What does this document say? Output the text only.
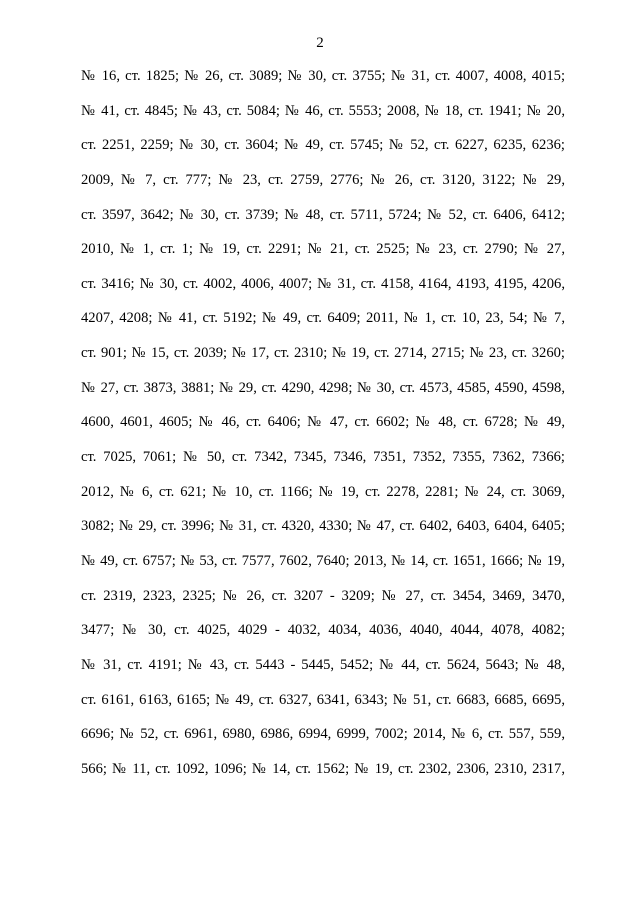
2
№ 16, ст. 1825; № 26, ст. 3089; № 30, ст. 3755; № 31, ст. 4007, 4008, 4015;
№ 41, ст. 4845; № 43, ст. 5084; № 46, ст. 5553; 2008, № 18, ст. 1941; № 20,
ст. 2251, 2259; № 30, ст. 3604; № 49, ст. 5745; № 52, ст. 6227, 6235, 6236;
2009, № 7, ст. 777; № 23, ст. 2759, 2776; № 26, ст. 3120, 3122; № 29,
ст. 3597, 3642; № 30, ст. 3739; № 48, ст. 5711, 5724; № 52, ст. 6406, 6412;
2010, № 1, ст. 1; № 19, ст. 2291; № 21, ст. 2525; № 23, ст. 2790; № 27,
ст. 3416; № 30, ст. 4002, 4006, 4007; № 31, ст. 4158, 4164, 4193, 4195, 4206,
4207, 4208; № 41, ст. 5192; № 49, ст. 6409; 2011, № 1, ст. 10, 23, 54; № 7,
ст. 901; № 15, ст. 2039; № 17, ст. 2310; № 19, ст. 2714, 2715; № 23, ст. 3260;
№ 27, ст. 3873, 3881; № 29, ст. 4290, 4298; № 30, ст. 4573, 4585, 4590, 4598,
4600, 4601, 4605; № 46, ст. 6406; № 47, ст. 6602; № 48, ст. 6728; № 49,
ст. 7025, 7061; № 50, ст. 7342, 7345, 7346, 7351, 7352, 7355, 7362, 7366;
2012, № 6, ст. 621; № 10, ст. 1166; № 19, ст. 2278, 2281; № 24, ст. 3069,
3082; № 29, ст. 3996; № 31, ст. 4320, 4330; № 47, ст. 6402, 6403, 6404, 6405;
№ 49, ст. 6757; № 53, ст. 7577, 7602, 7640; 2013, № 14, ст. 1651, 1666; № 19,
ст. 2319, 2323, 2325; № 26, ст. 3207 - 3209; № 27, ст. 3454, 3469, 3470,
3477; № 30, ст. 4025, 4029 - 4032, 4034, 4036, 4040, 4044, 4078, 4082;
№ 31, ст. 4191; № 43, ст. 5443 - 5445, 5452; № 44, ст. 5624, 5643; № 48,
ст. 6161, 6163, 6165; № 49, ст. 6327, 6341, 6343; № 51, ст. 6683, 6685, 6695,
6696; № 52, ст. 6961, 6980, 6986, 6994, 6999, 7002; 2014, № 6, ст. 557, 559,
566; № 11, ст. 1092, 1096; № 14, ст. 1562; № 19, ст. 2302, 2306, 2310, 2317,
